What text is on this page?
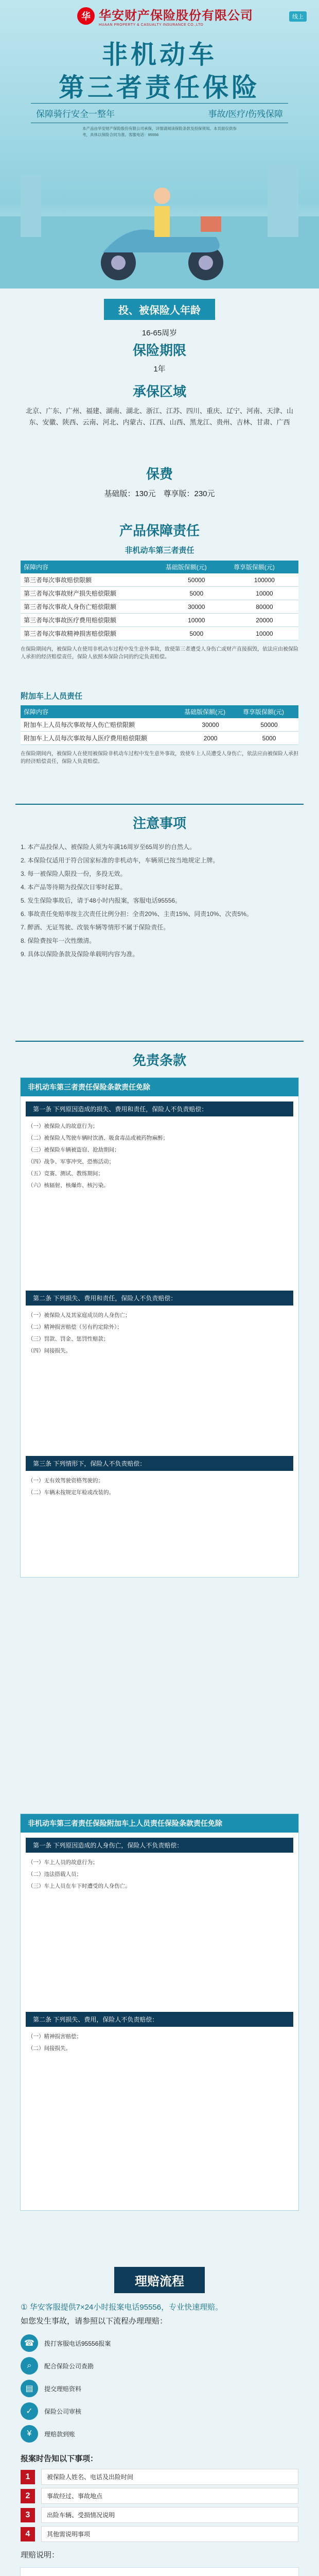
华 华安财产保险股份有限公司
HUAAN PROPERTY & CASUALTY INSURANCE CO.,LTD
线上
非机动车
第三者责任保险
保障骑行安全一整年	事故/医疗/伤残保障
本产品由华安财产保险股份有限公司承保，详情请阅读保险条款及投保须知。本页面仅供参考，具体以保险合同为准。客服电话：95556
投、被保险人年龄
16-65周岁
保险期限
1年
承保区域
北京、广东、广州、福建、湖南、湖北、浙江、江苏、四川、重庆、辽宁、河南、天津、山东、安徽、陕西、云南、河北、内蒙古、江西、山西、黑龙江、贵州、吉林、甘肃、广西
保费
基础版：130元　尊享版：230元
产品保障责任
非机动车第三者责任
保障内容	基础版保额(元)	尊享版保额(元)
第三者每次事故赔偿限额	50000	100000
第三者每次事故财产损失赔偿限额	5000	10000
第三者每次事故人身伤亡赔偿限额	30000	80000
第三者每次事故医疗费用赔偿限额	10000	20000
第三者每次事故精神损害赔偿限额	5000	10000
在保险期间内，被保险人在使用非机动车过程中发生意外事故，致使第三者遭受人身伤亡或财产直接损毁，依法应由被保险人承担的经济赔偿责任，保险人依照本保险合同的约定负责赔偿。
附加车上人员责任
保障内容	基础版保额(元)	尊享版保额(元)
附加车上人员每次事故每人伤亡赔偿限额	30000	50000
附加车上人员每次事故每人医疗费用赔偿限额	2000	5000
在保险期间内，被保险人在使用被保险非机动车过程中发生意外事故，致使车上人员遭受人身伤亡，依法应由被保险人承担的经济赔偿责任，保险人负责赔偿。
注意事项
1. 本产品投保人、被保险人须为年满16周岁至65周岁的自然人。
2. 本保险仅适用于符合国家标准的非机动车，车辆须已按当地规定上牌。
3. 每一被保险人限投一份，多投无效。
4. 本产品等待期为投保次日零时起算。
5. 发生保险事故后，请于48小时内报案，客服电话95556。
6. 事故责任免赔率按主次责任比例分担：全责20%、主责15%、同责10%、次责5%。
7. 醉酒、无证驾驶、改装车辆等情形不属于保险责任。
8. 保险费按年一次性缴清。
9. 具体以保险条款及保险单载明内容为准。
免责条款
非机动车第三者责任保险条款责任免除
第一条 下列原因造成的损失、费用和责任，保险人不负责赔偿：
（一）被保险人的故意行为；
（二）被保险人驾驶车辆时饮酒、吸食毒品或被药物麻醉；
（三）被保险车辆被盗窃、抢劫期间；
（四）战争、军事冲突、恐怖活动；
（五）竞赛、测试、教练期间；
（六）核辐射、核爆炸、核污染。
第二条 下列损失、费用和责任，保险人不负责赔偿：
（一）被保险人及其家庭成员的人身伤亡；
（二）精神损害赔偿（另有约定除外）；
（三）罚款、罚金、惩罚性赔款；
（四）间接损失。
第三条 下列情形下，保险人不负责赔偿：
（一）无有效驾驶资格驾驶的；
（二）车辆未按规定年检或改装的。
非机动车第三者责任保险附加车上人员责任保险条款责任免除
第一条 下列原因造成的人身伤亡，保险人不负责赔偿：
（一）车上人员的故意行为；
（二）违法搭载人员；
（三）车上人员在车下时遭受的人身伤亡。
第二条 下列损失、费用，保险人不负责赔偿：
（一）精神损害赔偿；
（二）间接损失。
理赔流程
① 华安客服提供7×24小时报案电话95556，专业快速理赔。
如您发生事故，请参照以下流程办理理赔：
☎	拨打客服电话95556报案
⌕	配合保险公司查勘
▤	提交理赔资料
✓	保险公司审核
¥	理赔款到账
报案时告知以下事项：
1	被保险人姓名、电话及出险时间
2	事故经过、事故地点
3	出险车辆、受损情况说明
4	其他需说明事项
理赔说明：
